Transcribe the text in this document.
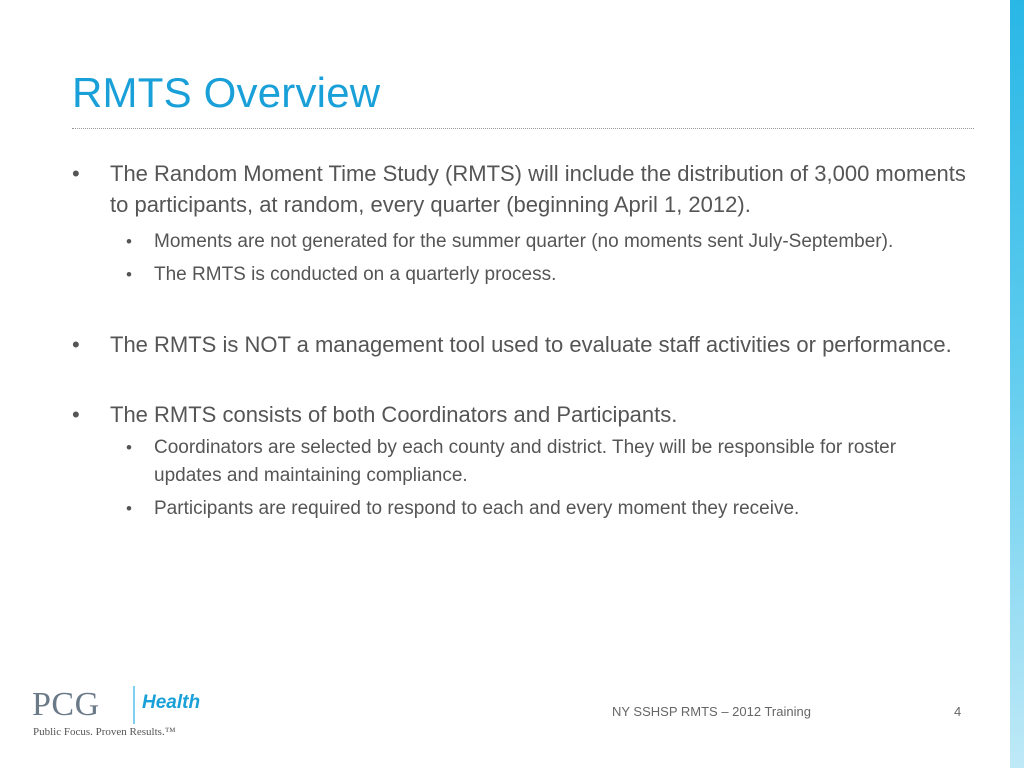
RMTS Overview
• The Random Moment Time Study (RMTS) will include the distribution of 3,000 moments to participants, at random, every quarter (beginning April 1, 2012).
• Moments are not generated for the summer quarter (no moments sent July-September).
• The RMTS is conducted on a quarterly process.
• The RMTS is NOT a management tool used to evaluate staff activities or performance.
• The RMTS consists of both Coordinators and Participants.
• Coordinators are selected by each county and district. They will be responsible for roster updates and maintaining compliance.
• Participants are required to respond to each and every moment they receive.
PCG Health
Public Focus. Proven Results.™
NY SSHSP RMTS – 2012 Training	4
